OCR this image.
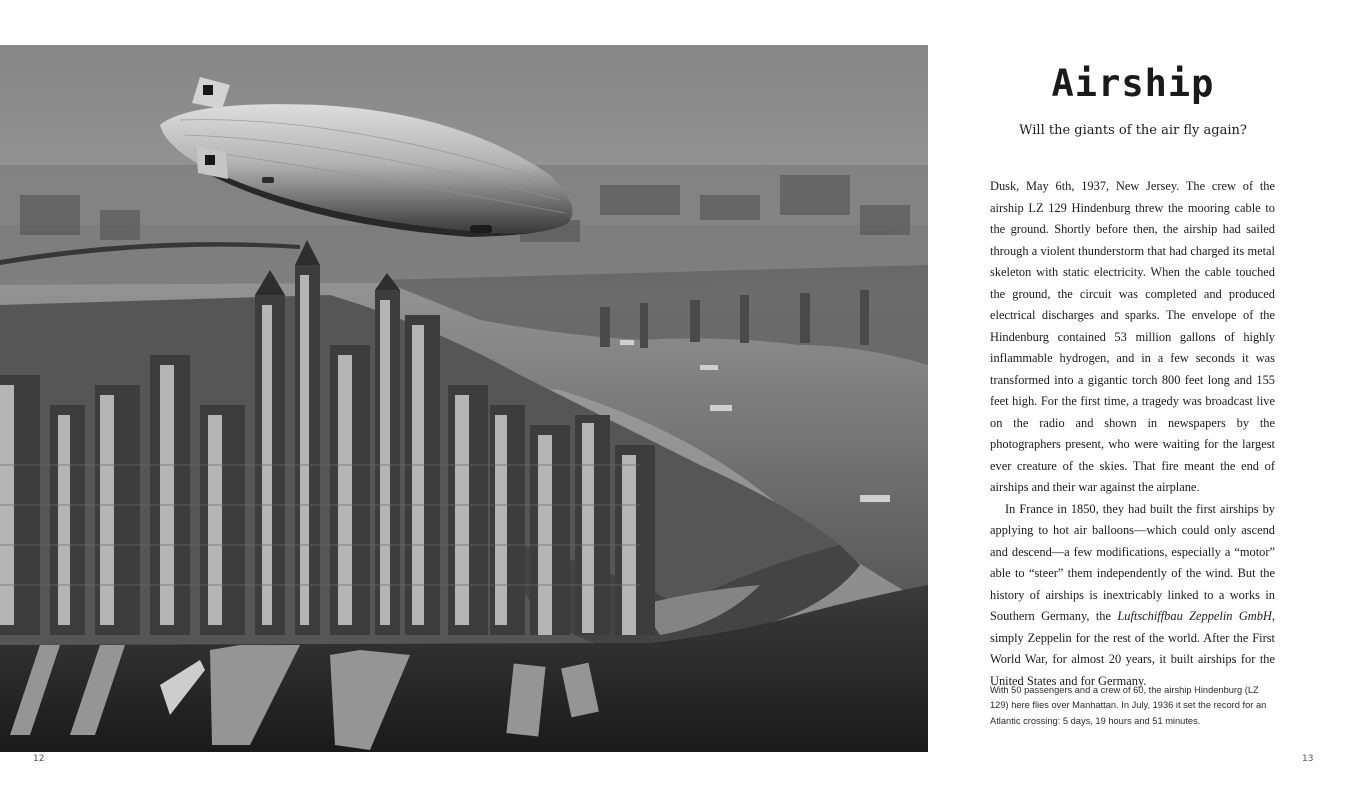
12	13
Airship
Will the giants of the air fly again?

Dusk, May 6th, 1937, New Jersey. The crew of the airship LZ 129 Hindenburg threw the mooring cable to the ground. Shortly before then, the airship had sailed through a violent thunderstorm that had charged its metal skeleton with static electricity. When the cable touched the ground, the circuit was completed and produced electrical discharges and sparks. The envelope of the Hindenburg contained 53 million gallons of highly inflammable hydrogen, and in a few seconds it was transformed into a gigantic torch 800 feet long and 155 feet high. For the first time, a tragedy was broadcast live on the radio and shown in newspapers by the photographers present, who were waiting for the largest ever creature of the skies. That fire meant the end of airships and their war against the airplane.

In France in 1850, they had built the first airships by applying to hot air balloons—which could only ascend and descend—a few modifications, especially a “motor” able to “steer” them independently of the wind. But the history of airships is inextricably linked to a works in Southern Germany, the Luftschiffbau Zeppelin GmbH, simply Zeppelin for the rest of the world. After the First World War, for almost 20 years, it built airships for the United States and for Germany.

With 50 passengers and a crew of 60, the airship Hindenburg (LZ 129) here flies over Manhattan. In July, 1936 it set the record for an Atlantic crossing: 5 days, 19 hours and 51 minutes.
